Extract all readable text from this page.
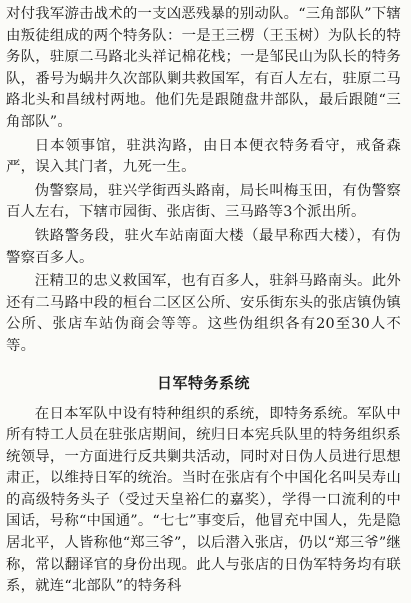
对付我军游击战术的一支凶恶残暴的别动队。“三角部队”下辖由叛徒组成的两个特务队：一是王三楞（王玉树）为队长的特务队，驻原二马路北头祥记棉花栈；一是邹民山为队长的特务队，番号为蜗井久次部队剿共救国军，有百人左右，驻原二马路北头和昌绒村两地。他们先是跟随盘井部队，最后跟随“三角部队”。

日本领事馆，驻洪沟路，由日本便衣特务看守，戒备森严，误入其门者，九死一生。

伪警察局，驻兴学街西头路南，局长叫梅玉田，有伪警察百人左右，下辖市园街、张店街、三马路等3个派出所。

铁路警务段，驻火车站南面大楼（最早称西大楼），有伪警察百多人。

汪精卫的忠义救国军，也有百多人，驻斜马路南头。此外还有二马路中段的桓台二区区公所、安乐街东头的张店镇伪镇公所、张店车站伪商会等等。这些伪组织各有20至30人不等。

日军特务系统

在日本军队中设有特种组织的系统，即特务系统。军队中所有特工人员在驻张店期间，统归日本宪兵队里的特务组织系统领导，一方面进行反共剿共活动，同时对日伪人员进行思想肃正，以维持日军的统治。当时在张店有个中国化名叫吴寿山的高级特务头子（受过天皇裕仁的嘉奖），学得一口流利的中国话，号称“中国通”。“七七”事变后，他冒充中国人，先是隐居北平，人皆称他“郑三爷”，以后潜入张店，仍以“郑三爷”继称，常以翻译官的身份出现。此人与张店的日伪军特务均有联系，就连“北部队”的特务科
